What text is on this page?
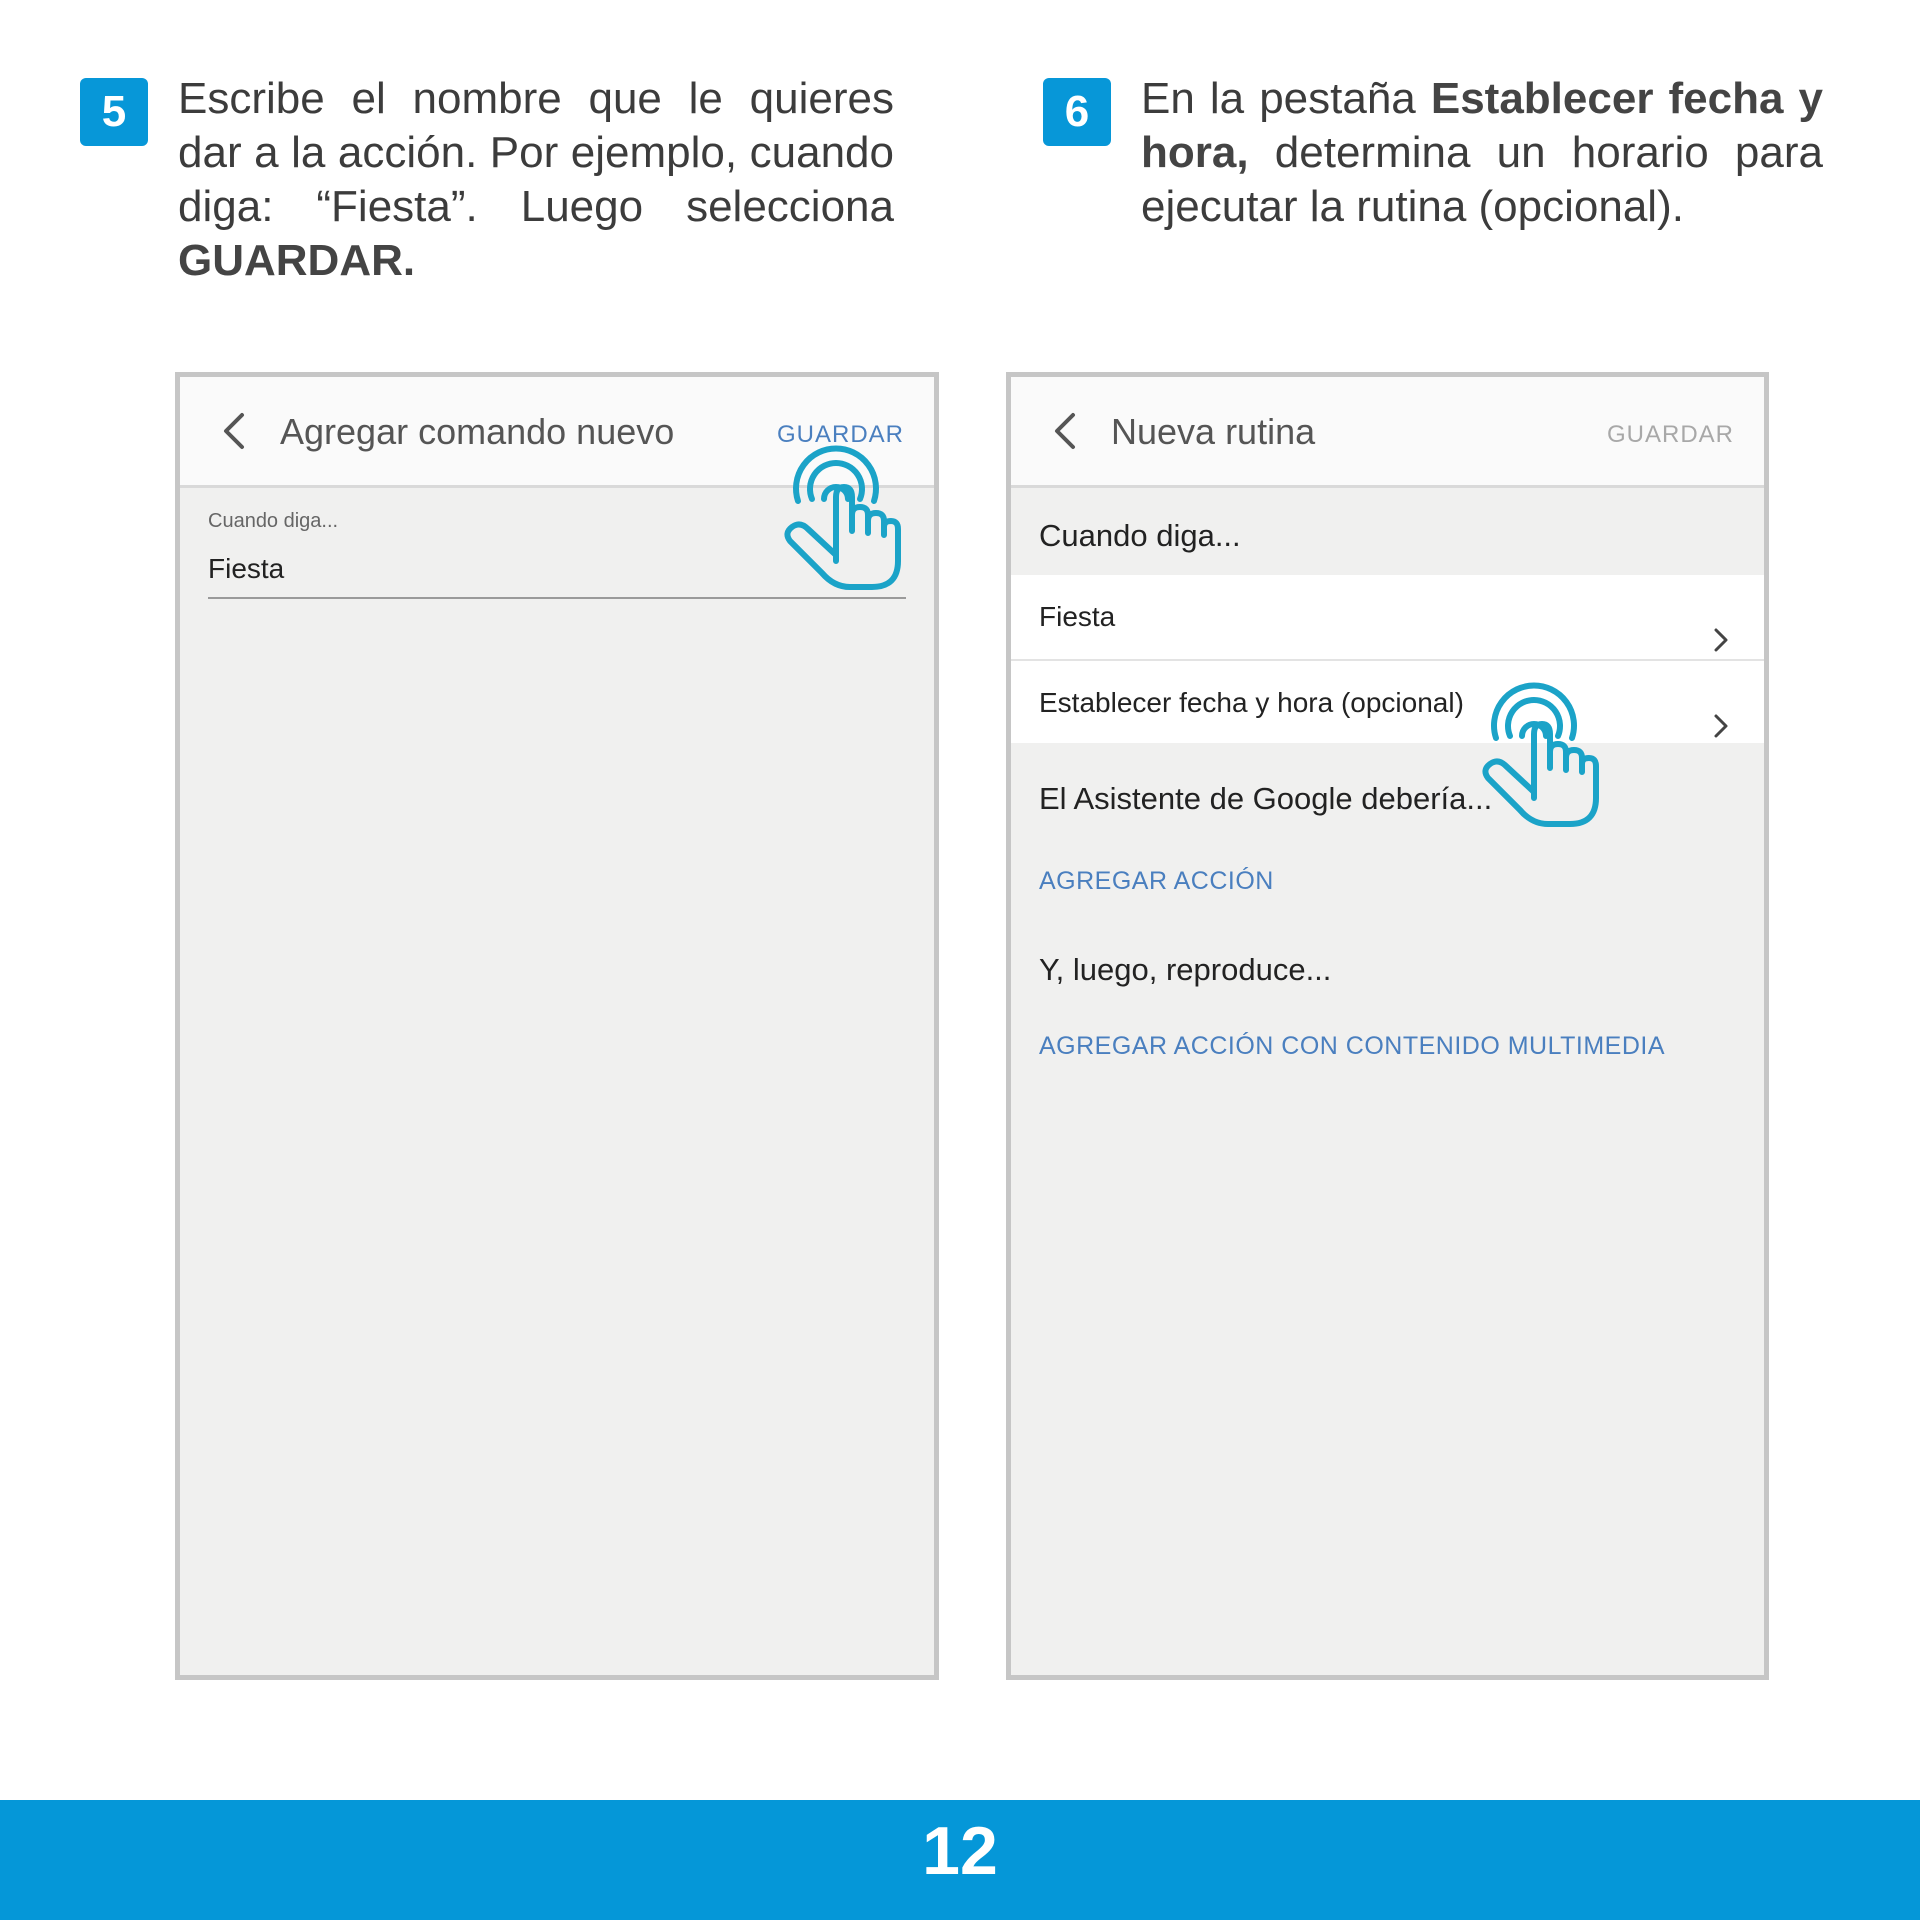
5	Escribe el nombre que le quieres dar a la acción. Por ejemplo, cuando diga: “Fiesta”. Luego selecciona GUARDAR.
6	En la pestaña Establecer fecha y hora, determina un horario para ejecutar la rutina (opcional).
Agregar comando nuevo	GUARDAR
Cuando diga...
Fiesta
Nueva rutina	GUARDAR
Cuando diga...
Fiesta
Establecer fecha y hora (opcional)
El Asistente de Google debería...
AGREGAR ACCIÓN
Y, luego, reproduce...
AGREGAR ACCIÓN CON CONTENIDO MULTIMEDIA
12
